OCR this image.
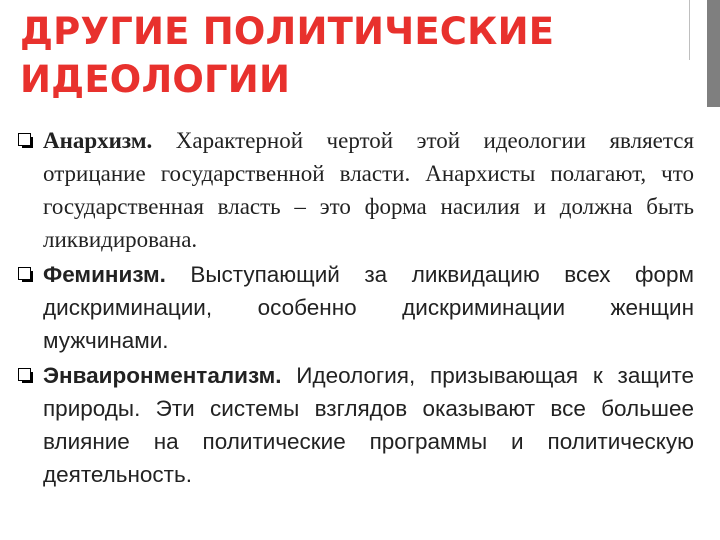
ДРУГИЕ ПОЛИТИЧЕСКИЕ ИДЕОЛОГИИ

Анархизм. Характерной чертой этой идеологии является отрицание государственной власти. Анархисты полагают, что государственная власть – это форма насилия и должна быть ликвидирована.

Феминизм. Выступающий за ликвидацию всех форм дискриминации, особенно дискриминации женщин мужчинами.

Энваиронментализм. Идеология, призывающая к защите природы. Эти системы взглядов оказывают все большее влияние на политические программы и политическую деятельность.
